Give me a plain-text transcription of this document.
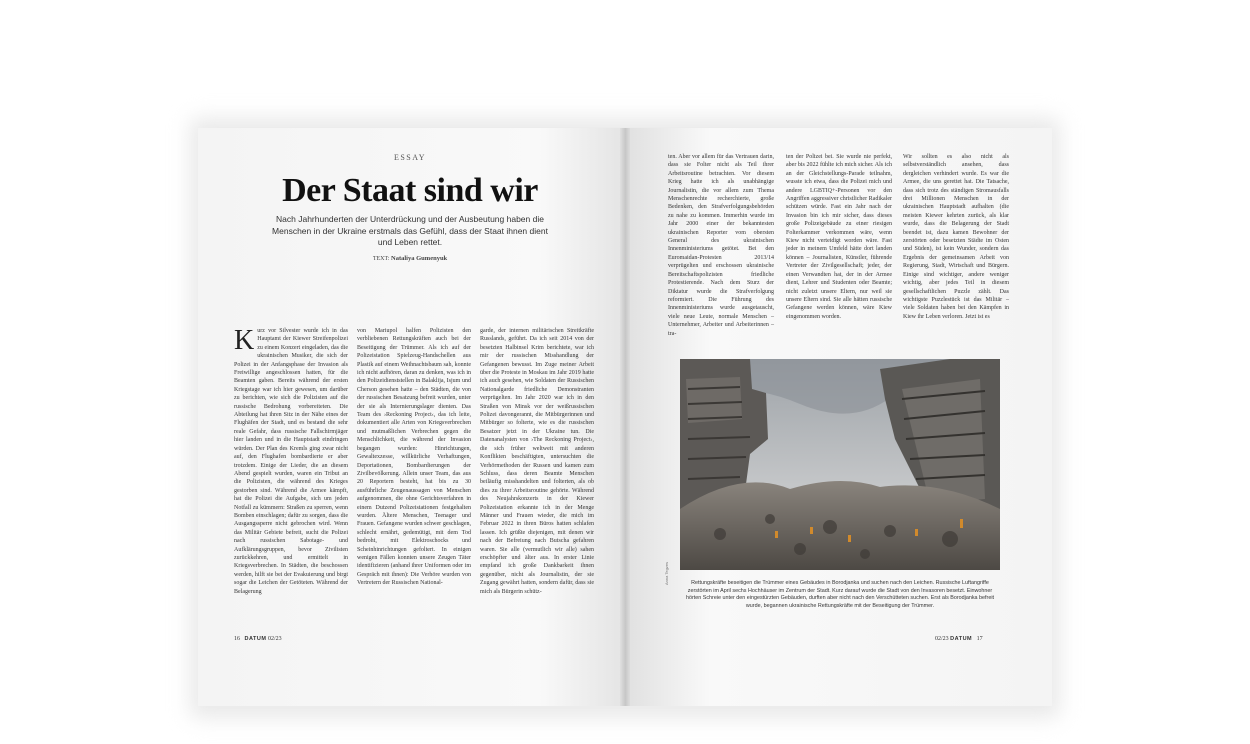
ESSAY
Der Staat sind wir
Nach Jahrhunderten der Unterdrückung und der Ausbeutung haben die Menschen in der Ukraine erstmals das Gefühl, dass der Staat ihnen dient und Leben rettet.
TEXT: Nataliya Gumenyuk
Kurz vor Silvester wurde ich in das Hauptamt der Kiewer Streifenpolizei zu einem Konzert eingeladen, das die ukrainischen Musiker, die sich der Polizei in der Anfangsphase der Invasion als Freiwillige angeschlossen hatten, für die Beamten gaben. Bereits während der ersten Kriegstage war ich hier gewesen, um darüber zu berichten, wie sich die Polizisten auf die russische Bedrohung vorbereiteten. Die Abteilung hat ihren Sitz in der Nähe eines der Flughäfen der Stadt, und es bestand die sehr reale Gefahr, dass russische Fallschirmjäger hier landen und in die Hauptstadt eindringen würden. Der Plan des Kremls ging zwar nicht auf, den Flughafen bombardierte er aber trotzdem. Einige der Lieder, die an diesem Abend gespielt wurden, waren ein Tribut an die Polizisten, die während des Krieges gestorben sind. Während die Armee kämpft, hat die Polizei die Aufgabe, sich um jeden Notfall zu kümmern: Straßen zu sperren, wenn Bomben einschlagen; dafür zu sorgen, dass die Ausgangssperre nicht gebrochen wird. Wenn das Militär Gebiete befreit, sucht die Polizei nach russischen Sabotage- und Aufklärungsgruppen, bevor Zivilisten zurückkehren, und ermittelt in Kriegsverbrechen. In Städten, die beschossen werden, hilft sie bei der Evakuierung und birgt sogar die Leichen der Getöteten. Während der Belagerung
von Mariupol halfen Polizisten den verbliebenen Rettungskräften auch bei der Beseitigung der Trümmer. Als ich auf der Polizeistation Spielzeug-Handschellen aus Plastik auf einem Weihnachtsbaum sah, konnte ich nicht aufhören, daran zu denken, was ich in den Polizeidienststellen in Balaklija, Isjum und Cherson gesehen hatte – den Städten, die von der russischen Besatzung befreit wurden, unter der sie als Internierungslager dienten. Das Team des ›Reckoning Project‹, das ich leite, dokumentiert alle Arten von Kriegsverbrechen und mutmaßlichen Verbrechen gegen die Menschlichkeit, die während der Invasion begangen wurden: Hinrichtungen, Gewaltexzesse, willkürliche Verhaftungen, Deportationen, Bombardierungen der Zivilbevölkerung. Allein unser Team, das aus 20 Reportern besteht, hat bis zu 30 ausführliche Zeugenaussagen von Menschen aufgenommen, die ohne Gerichtsverfahren in einem Dutzend Polizeistationen festgehalten wurden. Ältere Menschen, Teenager und Frauen. Gefangene wurden schwer geschlagen, schlecht ernährt, gedemütigt, mit dem Tod bedroht, mit Elektroschocks und Scheinhinrichtungen gefoltert. In einigen wenigen Fällen konnten unsere Zeugen Täter identifizieren (anhand ihrer Uniformen oder im Gespräch mit ihnen): Die Verhöre wurden von Vertretern der Russischen National-
garde, der internen militärischen Streitkräfte Russlands, geführt. Da ich seit 2014 von der besetzten Halbinsel Krim berichtete, war ich mir der russischen Misshandlung der Gefangenen bewusst. Im Zuge meiner Arbeit über die Proteste in Moskau im Jahr 2019 hatte ich auch gesehen, wie Soldaten der Russischen Nationalgarde friedliche Demonstranten verprügelten. Im Jahr 2020 war ich in den Straßen von Minsk vor der weißrussischen Polizei davongerannt, die Mitbürgerinnen und Mitbürger so folterte, wie es die russischen Besatzer jetzt in der Ukraine tun. Die Datenanalysten von ›The Reckoning Project‹, die sich früher weltweit mit anderen Konflikten beschäftigten, untersuchten die Verhörmethoden der Russen und kamen zum Schluss, dass deren Beamte Menschen beiläufig misshandelten und folterten, als ob dies zu ihrer Arbeitsroutine gehörte. Während des Neujahrskonzerts in der Kiewer Polizeistation erkannte ich in der Menge Männer und Frauen wieder, die mich im Februar 2022 in ihren Büros hatten schlafen lassen. Ich grüßte diejenigen, mit denen wir nach der Befreiung nach Butscha gefahren waren. Sie alle (vermutlich wir alle) sahen erschöpfter und älter aus. In erster Linie empfand ich große Dankbarkeit ihnen gegenüber, nicht als Journalistin, der sie Zugang gewährt hatten, sondern dafür, dass sie mich als Bürgerin schütz-
16 DATUM 02/23
ten. Aber vor allem für das Vertrauen darin, dass sie Folter nicht als Teil ihrer Arbeitsroutine betrachten. Vor diesem Krieg hatte ich als unabhängige Journalistin, die vor allem zum Thema Menschenrechte recherchierte, große Bedenken, den Strafverfolgungsbehörden zu nahe zu kommen. Immerhin wurde im Jahr 2000 einer der bekanntesten ukrainischen Reporter vom obersten General des ukrainischen Innenministeriums getötet. Bei den Euromaidan-Protesten 2013/14 verprügelten und erschossen ukrainische Bereitschaftspolizisten friedliche Protestierende. Nach dem Sturz der Diktatur wurde die Strafverfolgung reformiert. Die Führung des Innenministeriums wurde ausgetauscht, viele neue Leute, normale Menschen – Unternehmer, Arbeiter und Arbeiterinnen – tra-
ten der Polizei bei. Sie wurde nie perfekt, aber bis 2022 fühlte ich mich sicher. Als ich an der Gleichstellungs-Parade teilnahm, wusste ich etwa, dass die Polizei mich und andere LGBTIQ+-Personen vor den Angriffen aggressiver christlicher Radikaler schützen würde. Fast ein Jahr nach der Invasion bin ich mir sicher, dass dieses große Polizeigebäude zu einer riesigen Folterkammer verkommen wäre, wenn Kiew nicht verteidigt worden wäre. Fast jeder in meinem Umfeld hätte dort landen können – Journalisten, Künstler, führende Vertreter der Zivilgesellschaft; jeder, der einen Verwandten hat, der in der Armee dient, Lehrer und Studenten oder Beamte; nicht zuletzt unsere Eltern, nur weil sie unsere Eltern sind. Sie alle hätten russische Gefangene werden können, wäre Kiew eingenommen worden.
Wir sollten es also nicht als selbstverständlich ansehen, dass dergleichen verhindert wurde. Es war die Armee, die uns gerettet hat. Die Tatsache, dass sich trotz des ständigen Stromausfalls drei Millionen Menschen in der ukrainischen Hauptstadt aufhalten (die meisten Kiewer kehrten zurück, als klar wurde, dass die Belagerung der Stadt beendet ist, dazu kamen Bewohner der zerstörten oder besetzten Städte im Osten und Süden), ist kein Wunder, sondern das Ergebnis der gemeinsamen Arbeit von Regierung, Stadt, Wirtschaft und Bürgern. Einige sind wichtiger, andere weniger wichtig, aber jedes Teil in diesem gesellschaftlichen Puzzle zählt. Das wichtigste Puzzlestück ist das Militär – viele Soldaten haben bei den Kämpfen in Kiew ihr Leben verloren. Jetzt ist es
Anna Tegzes	Rettungskräfte beseitigen die Trümmer eines Gebäudes in Borodjanka und suchen nach den Leichen. Russische Luftangriffe zerstörten im April sechs Hochhäuser im Zentrum der Stadt. Kurz darauf wurde die Stadt von den Invasoren besetzt. Einwohner hörten Schreie unter den eingestürzten Gebäuden, durften aber nicht nach den Verschütteten suchen. Erst als Borodjanka befreit wurde, begannen ukrainische Rettungskräfte mit der Beseitigung der Trümmer.
02/23 DATUM 17
